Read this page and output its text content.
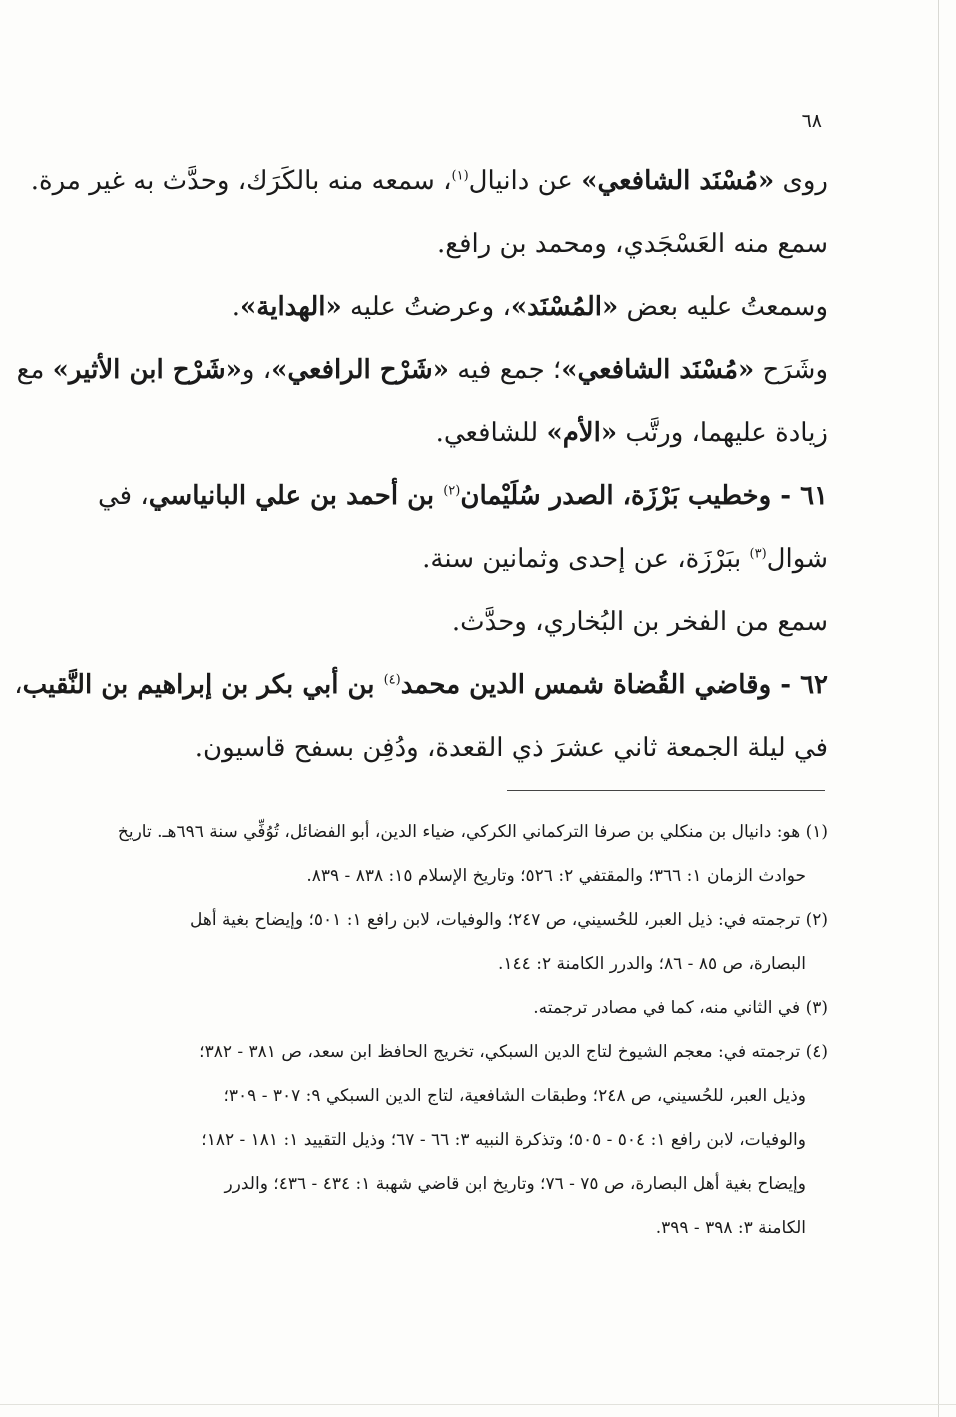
٦٨
روى «مُسْنَد الشافعي» عن دانيال$^{(١)}$، سمعه منه بالكَرَك، وحدَّث به غير مرة.
سمع منه العَسْجَدي، ومحمد بن رافع.
وسمعتُ عليه بعض «المُسْنَد»، وعرضتُ عليه «الهداية».
وشَرَح «مُسْنَد الشافعي»؛ جمع فيه «شَرْح الرافعي»، و«شَرْح ابن الأثير» مع
زيادة عليهما، ورتَّب «الأم» للشافعي.
٦١ - وخطيب بَرْزَة، الصدر سُلَيْمان$^{(٢)}$ بن أحمد بن علي البانياسي، في
شوال$^{(٣)}$ ببَرْزَة، عن إحدى وثمانين سنة.
سمع من الفخر بن البُخاري، وحدَّث.
٦٢ - وقاضي القُضاة شمس الدين محمد$^{(٤)}$ بن أبي بكر بن إبراهيم بن النَّقيب،
في ليلة الجمعة ثاني عشرَ ذي القعدة، ودُفِن بسفح قاسيون.
(١) هو: دانيال بن منكلي بن صرفا التركماني الكركي، ضياء الدين، أبو الفضائل، تُوُفِّي سنة ٦٩٦هـ. تاريخ
حوادث الزمان ١: ٣٦٦؛ والمقتفي ٢: ٥٢٦؛ وتاريخ الإسلام ١٥: ٨٣٨ - ٨٣٩.
(٢) ترجمته في: ذيل العبر، للحُسيني، ص ٢٤٧؛ والوفيات، لابن رافع ١: ٥٠١؛ وإيضاح بغية أهل
البصارة، ص ٨٥ - ٨٦؛ والدرر الكامنة ٢: ١٤٤.
(٣) في الثاني منه، كما في مصادر ترجمته.
(٤) ترجمته في: معجم الشيوخ لتاج الدين السبكي، تخريج الحافظ ابن سعد، ص ٣٨١ - ٣٨٢؛
وذيل العبر، للحُسيني، ص ٢٤٨؛ وطبقات الشافعية، لتاج الدين السبكي ٩: ٣٠٧ - ٣٠٩؛
والوفيات، لابن رافع ١: ٥٠٤ - ٥٠٥؛ وتذكرة النبيه ٣: ٦٦ - ٦٧؛ وذيل التقييد ١: ١٨١ - ١٨٢؛
وإيضاح بغية أهل البصارة، ص ٧٥ - ٧٦؛ وتاريخ ابن قاضي شهبة ١: ٤٣٤ - ٤٣٦؛ والدرر
الكامنة ٣: ٣٩٨ - ٣٩٩.
